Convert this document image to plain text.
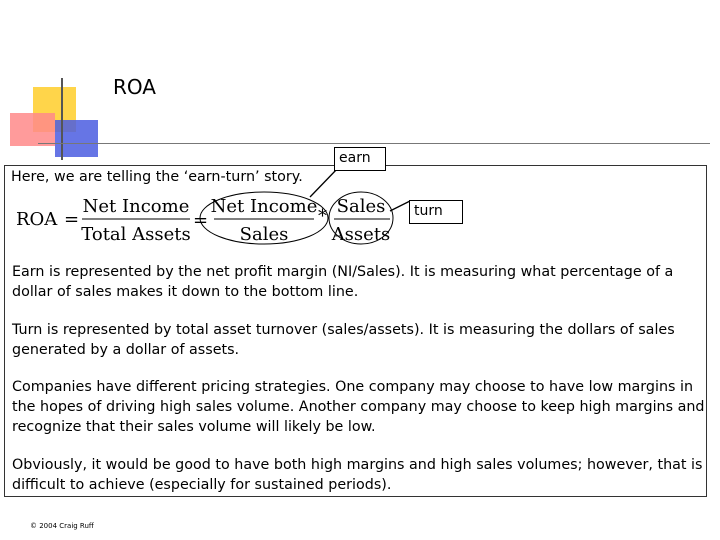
ROA

Here, we are telling the ‘earn-turn’ story.

ROA =
Net Income
Total Assets
=
Net Income
Sales
* Sales
Assets
earn
turn

Earn is represented by the net profit margin (NI/Sales). It is measuring what percentage of a dollar of sales makes it down to the bottom line.

Turn is represented by total asset turnover (sales/assets). It is measuring the dollars of sales generated by a dollar of assets.

Companies have different pricing strategies. One company may choose to have low margins in the hopes of driving high sales volume. Another company may choose to keep high margins and recognize that their sales volume will likely be low.

Obviously, it would be good to have both high margins and high sales volumes; however, that is difficult to achieve (especially for sustained periods).

© 2004 Craig Ruff
